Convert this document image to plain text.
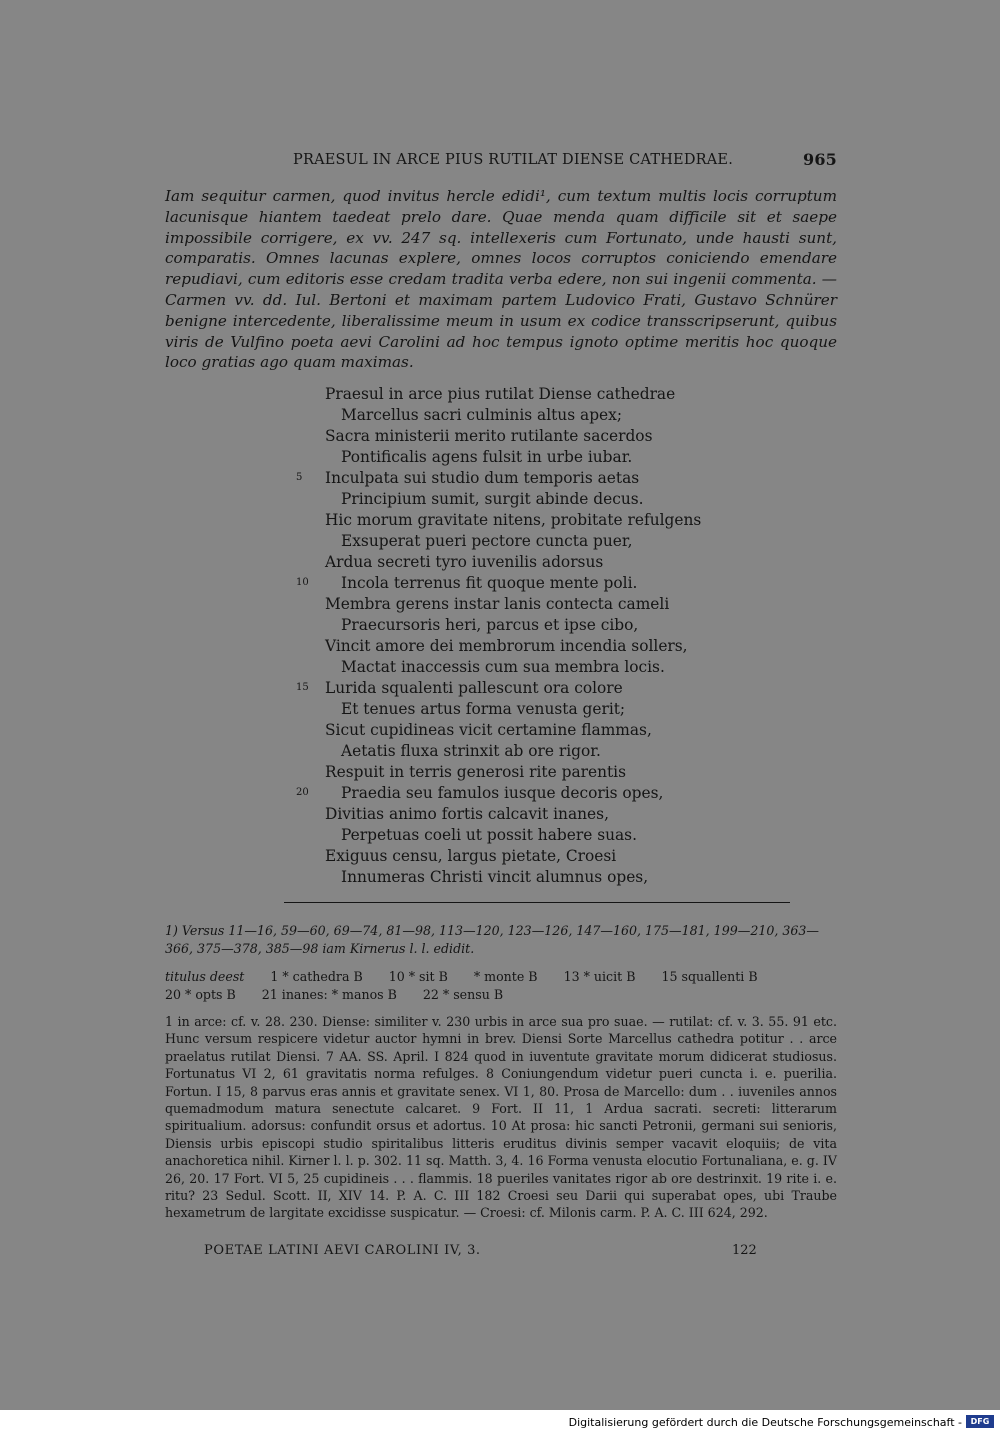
PRAESUL IN ARCE PIUS RUTILAT DIENSE CATHEDRAE.	965

Iam sequitur carmen, quod invitus hercle edidi¹, cum textum multis locis corruptum lacunisque hiantem taedeat prelo dare. Quae menda quam difficile sit et saepe impossibile corrigere, ex vv. 247 sq. intellexeris cum Fortunato, unde hausti sunt, comparatis. Omnes lacunas explere, omnes locos corruptos coniciendo emendare repudiavi, cum editoris esse credam tradita verba edere, non sui ingenii commenta. — Carmen vv. dd. Iul. Bertoni et maximam partem Ludovico Frati, Gustavo Schnürer benigne intercedente, liberalissime meum in usum ex codice transscripserunt, quibus viris de Vulfino poeta aevi Carolini ad hoc tempus ignoto optime meritis hoc quoque loco gratias ago quam maximas.

Praesul in arce pius rutilat Diense cathedrae
Marcellus sacri culminis altus apex;
Sacra ministerii merito rutilante sacerdos
Pontificalis agens fulsit in urbe iubar.
5 Inculpata sui studio dum temporis aetas
Principium sumit, surgit abinde decus.
Hic morum gravitate nitens, probitate refulgens
Exsuperat pueri pectore cuncta puer,
Ardua secreti tyro iuvenilis adorsus
10 Incola terrenus fit quoque mente poli.
Membra gerens instar lanis contecta cameli
Praecursoris heri, parcus et ipse cibo,
Vincit amore dei membrorum incendia sollers,
Mactat inaccessis cum sua membra locis.
15 Lurida squalenti pallescunt ora colore
Et tenues artus forma venusta gerit;
Sicut cupidineas vicit certamine flammas,
Aetatis fluxa strinxit ab ore rigor.
Respuit in terris generosi rite parentis
20 Praedia seu famulos iusque decoris opes,
Divitias animo fortis calcavit inanes,
Perpetuas coeli ut possit habere suas.
Exiguus censu, largus pietate, Croesi
Innumeras Christi vincit alumnus opes,

1) Versus 11—16, 59—60, 69—74, 81—98, 113—120, 123—126, 147—160, 175—181, 199—210, 363—366, 375—378, 385—98 iam Kirnerus l. l. edidit.

titulus deest 1 * cathedra B 10 * sit B * monte B 13 * uicit B 15 squallenti B20 * opts B 21 inanes: * manos B 22 * sensu B

1 in arce: cf. v. 28. 230. Diense: similiter v. 230 urbis in arce sua pro suae. — rutilat: cf. v. 3. 55. 91 etc. Hunc versum respicere videtur auctor hymni in brev. Diensi Sorte Marcellus cathedra potitur . . arce praelatus rutilat Diensi. 7 AA. SS. April. I 824 quod in iuventute gravitate morum didicerat studiosus. Fortunatus VI 2, 61 gravitatis norma refulges. 8 Coniungendum videtur pueri cuncta i. e. puerilia. Fortun. I 15, 8 parvus eras annis et gravitate senex. VI 1, 80. Prosa de Marcello: dum . . iuveniles annos quemadmodum matura senectute calcaret. 9 Fort. II 11, 1 Ardua sacrati. secreti: litterarum spiritualium. adorsus: confundit orsus et adortus. 10 At prosa: hic sancti Petronii, germani sui senioris, Diensis urbis episcopi studio spiritalibus litteris eruditus divinis semper vacavit eloquiis; de vita anachoretica nihil. Kirner l. l. p. 302. 11 sq. Matth. 3, 4. 16 Forma venusta elocutio Fortunaliana, e. g. IV 26, 20. 17 Fort. VI 5, 25 cupidineis . . . flammis. 18 pueriles vanitates rigor ab ore destrinxit. 19 rite i. e. ritu? 23 Sedul. Scott. II, XIV 14. P. A. C. III 182 Croesi seu Darii qui superabat opes, ubi Traube hexametrum de largitate excidisse suspicatur. — Croesi: cf. Milonis carm. P. A. C. III 624, 292.

POETAE LATINI AEVI CAROLINI IV, 3.	122
Digitalisierung gefördert durch die Deutsche Forschungsgemeinschaft -	DFG
